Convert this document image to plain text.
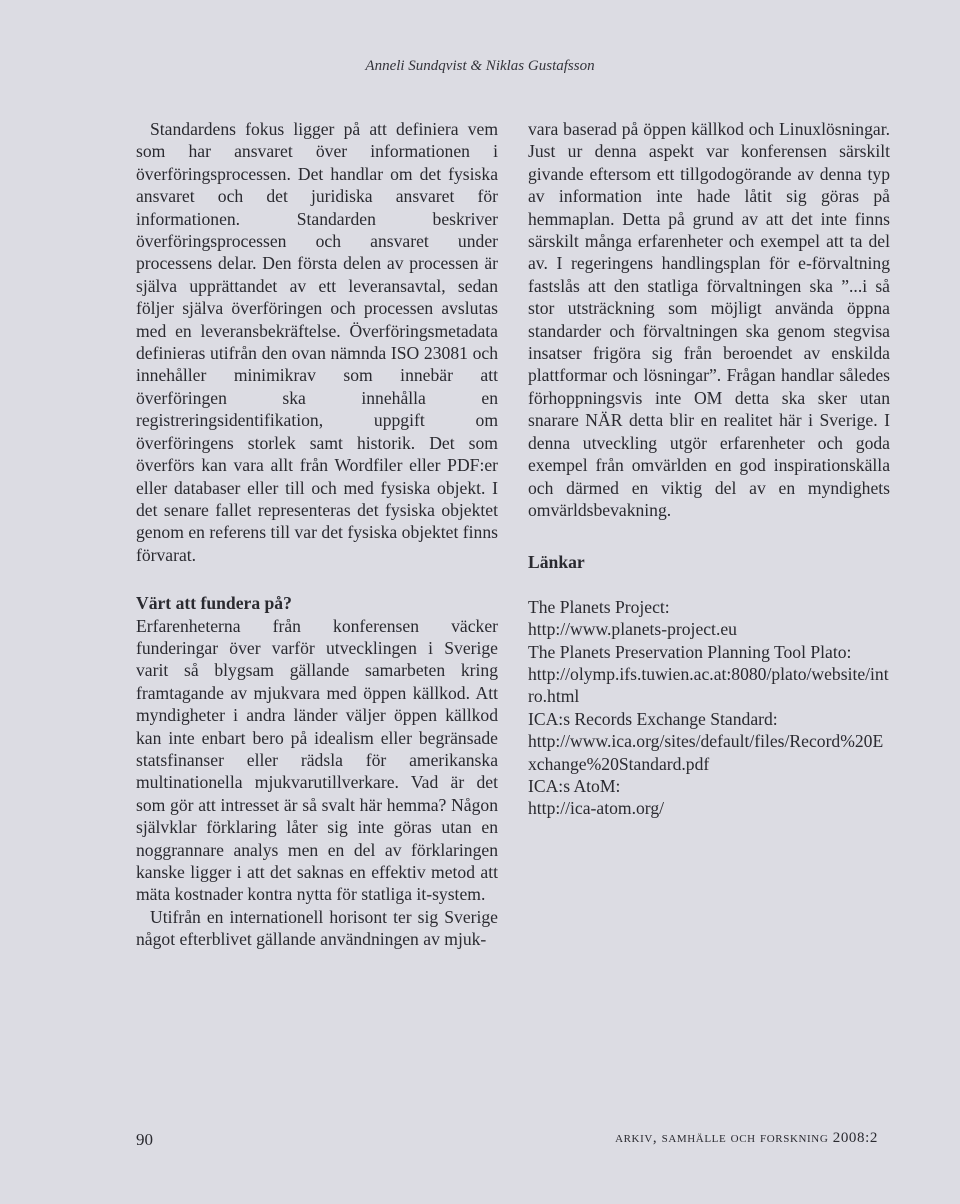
Anneli Sundqvist & Niklas Gustafsson

Standardens fokus ligger på att definiera vem som har ansvaret över informationen i överföringsprocessen. Det handlar om det fysiska ansvaret och det juridiska ansvaret för informationen. Standarden beskriver överföringsprocessen och ansvaret under processens delar. Den första delen av processen är själva upprättandet av ett leveransavtal, sedan följer själva överföringen och processen avslutas med en leveransbekräftelse. Överföringsmetadata definieras utifrån den ovan nämnda ISO 23081 och innehåller minimikrav som innebär att överföringen ska innehålla en registreringsidentifikation, uppgift om överföringens storlek samt historik. Det som överförs kan vara allt från Wordfiler eller PDF:er eller databaser eller till och med fysiska objekt. I det senare fallet representeras det fysiska objektet genom en referens till var det fysiska objektet finns förvarat.

Värt att fundera på?

Erfarenheterna från konferensen väcker funderingar över varför utvecklingen i Sverige varit så blygsam gällande samarbeten kring framtagande av mjukvara med öppen källkod. Att myndigheter i andra länder väljer öppen källkod kan inte enbart bero på idealism eller begränsade statsfinanser eller rädsla för amerikanska multinationella mjukvarutillverkare. Vad är det som gör att intresset är så svalt här hemma? Någon självklar förklaring låter sig inte göras utan en noggrannare analys men en del av förklaringen kanske ligger i att det saknas en effektiv metod att mäta kostnader kontra nytta för statliga it-system.

Utifrån en internationell horisont ter sig Sverige något efterblivet gällande användningen av mjuk-

vara baserad på öppen källkod och Linuxlösningar. Just ur denna aspekt var konferensen särskilt givande eftersom ett tillgodogörande av denna typ av information inte hade låtit sig göras på hemmaplan. Detta på grund av att det inte finns särskilt många erfarenheter och exempel att ta del av. I regeringens handlingsplan för e-förvaltning fastslås att den statliga förvaltningen ska ”...i så stor utsträckning som möjligt använda öppna standarder och förvaltningen ska genom stegvisa insatser frigöra sig från beroendet av enskilda plattformar och lösningar”. Frågan handlar således förhoppningsvis inte OM detta ska sker utan snarare NÄR detta blir en realitet här i Sverige. I denna utveckling utgör erfarenheter och goda exempel från omvärlden en god inspirationskälla och därmed en viktig del av en myndighets omvärldsbevakning.

Länkar

The Planets Project:
http://www.planets-project.eu

The Planets Preservation Planning Tool Plato:
http://olymp.ifs.tuwien.ac.at:8080/plato/website/intro.html

ICA:s Records Exchange Standard:
http://www.ica.org/sites/default/files/Record%20Exchange%20Standard.pdf

ICA:s AtoM:
http://ica-atom.org/

90	arkiv, samhälle och forskning 2008:2
